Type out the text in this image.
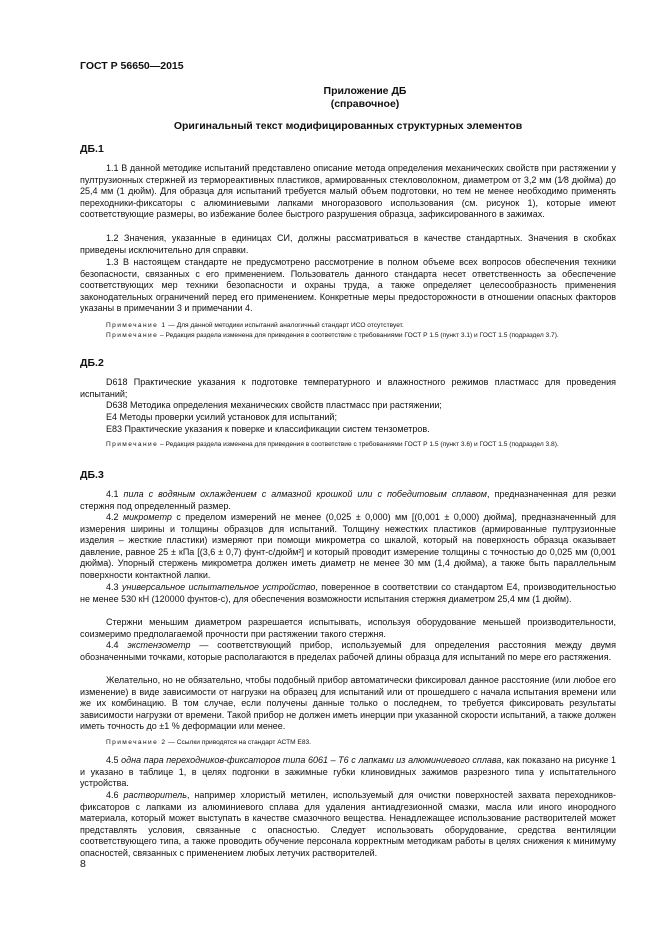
ГОСТ Р 56650—2015
Приложение ДБ
(справочное)
Оригинальный текст модифицированных структурных элементов
ДБ.1

1.1 В данной методике испытаний представлено описание метода определения механических свойств при растяжении у пултрузионных стержней из термореактивных пластиков, армированных стекловолокном, диаметром от 3,2 мм (1⁄8 дюйма) до 25,4 мм (1 дюйм). Для образца для испытаний требуется малый объем подготовки, но тем не менее необходимо применять переходники-фиксаторы с алюминиевыми лапками многоразового использования (см. рисунок 1), которые имеют соответствующие размеры, во избежание более быстрого разрушения образца, зафиксированного в зажимах.

1.2 Значения, указанные в единицах СИ, должны рассматриваться в качестве стандартных. Значения в скобках приведены исключительно для справки.

1.3 В настоящем стандарте не предусмотрено рассмотрение в полном объеме всех вопросов обеспечения техники безопасности, связанных с его применением. Пользователь данного стандарта несет ответственность за обеспечение соответствующих мер техники безопасности и охраны труда, а также определяет целесообразность применения законодательных ограничений перед его применением. Конкретные меры предосторожности в отношении опасных факторов указаны в примечании 3 и примечании 4.

Примечание 1 — Для данной методики испытаний аналогичный стандарт ИСО отсутствует.

Примечание – Редакция раздела изменена для приведения в соответствие с требованиями ГОСТ Р 1.5 (пункт 3.1) и ГОСТ 1.5 (подраздел 3.7).

ДБ.2

D618 Практические указания к подготовке температурного и влажностного режимов пластмасс для проведения испытаний;

D638 Методика определения механических свойств пластмасс при растяжении;

E4 Методы проверки усилий установок для испытаний;

E83 Практические указания к поверке и классификации систем тензометров.

Примечание – Редакция раздела изменена для приведения в соответствие с требованиями ГОСТ Р 1.5 (пункт 3.6) и ГОСТ 1.5 (подраздел 3.8).

ДБ.3

4.1 пила с водяным охлаждением с алмазной крошкой или с победитовым сплавом, предназначенная для резки стержня под определенный размер.

4.2 микрометр с пределом измерений не менее (0,025 ± 0,000) мм [(0,001 ± 0,000) дюйма], предназначенный для измерения ширины и толщины образцов для испытаний. Толщину нежестких пластиков (армированные пултрузионные изделия – жесткие пластики) измеряют при помощи микрометра со шкалой, который на поверхность образца оказывает давление, равное 25 ± кПа [(3,6 ± 0,7) фунт-с/дюйм²] и который проводит измерение толщины с точностью до 0,025 мм (0,001 дюйма). Упорный стержень микрометра должен иметь диаметр не менее 30 мм (1,4 дюйма), а также быть параллельным поверхности контактной лапки.

4.3 универсальное испытательное устройство, поверенное в соответствии со стандартом E4, производительностью не менее 530 кН (120000 фунтов-с), для обеспечения возможности испытания стержня диаметром 25,4 мм (1 дюйм).

Стержни меньшим диаметром разрешается испытывать, используя оборудование меньшей производительности, соизмеримо предполагаемой прочности при растяжении такого стержня.

4.4 экстензометр — соответствующий прибор, используемый для определения расстояния между двумя обозначенными точками, которые располагаются в пределах рабочей длины образца для испытаний по мере его растяжения.

Желательно, но не обязательно, чтобы подобный прибор автоматически фиксировал данное расстояние (или любое его изменение) в виде зависимости от нагрузки на образец для испытаний или от прошедшего с начала испытания времени или же их комбинацию. В том случае, если получены данные только о последнем, то требуется фиксировать результаты зависимости нагрузки от времени. Такой прибор не должен иметь инерции при указанной скорости испытаний, а также должен иметь точность до ±1 % деформации или менее.

Примечание 2 — Ссылки приводятся на стандарт АСТМ E83.

4.5 одна пара переходников-фиксаторов типа 6061 – Т6 с лапками из алюминиевого сплава, как показано на рисунке 1 и указано в таблице 1, в целях подгонки в зажимные губки клиновидных зажимов разрезного типа у испытательного устройства.

4.6 растворитель, например хлористый метилен, используемый для очистки поверхностей захвата переходников-фиксаторов с лапками из алюминиевого сплава для удаления антиадгезионной смазки, масла или иного инородного материала, который может выступать в качестве смазочного вещества. Ненадлежащее использование растворителей может представлять условия, связанные с опасностью. Следует использовать оборудование, средства вентиляции соответствующего типа, а также проводить обучение персонала корректным методикам работы в целях снижения к минимуму опасностей, связанных с применением любых летучих растворителей.

8
